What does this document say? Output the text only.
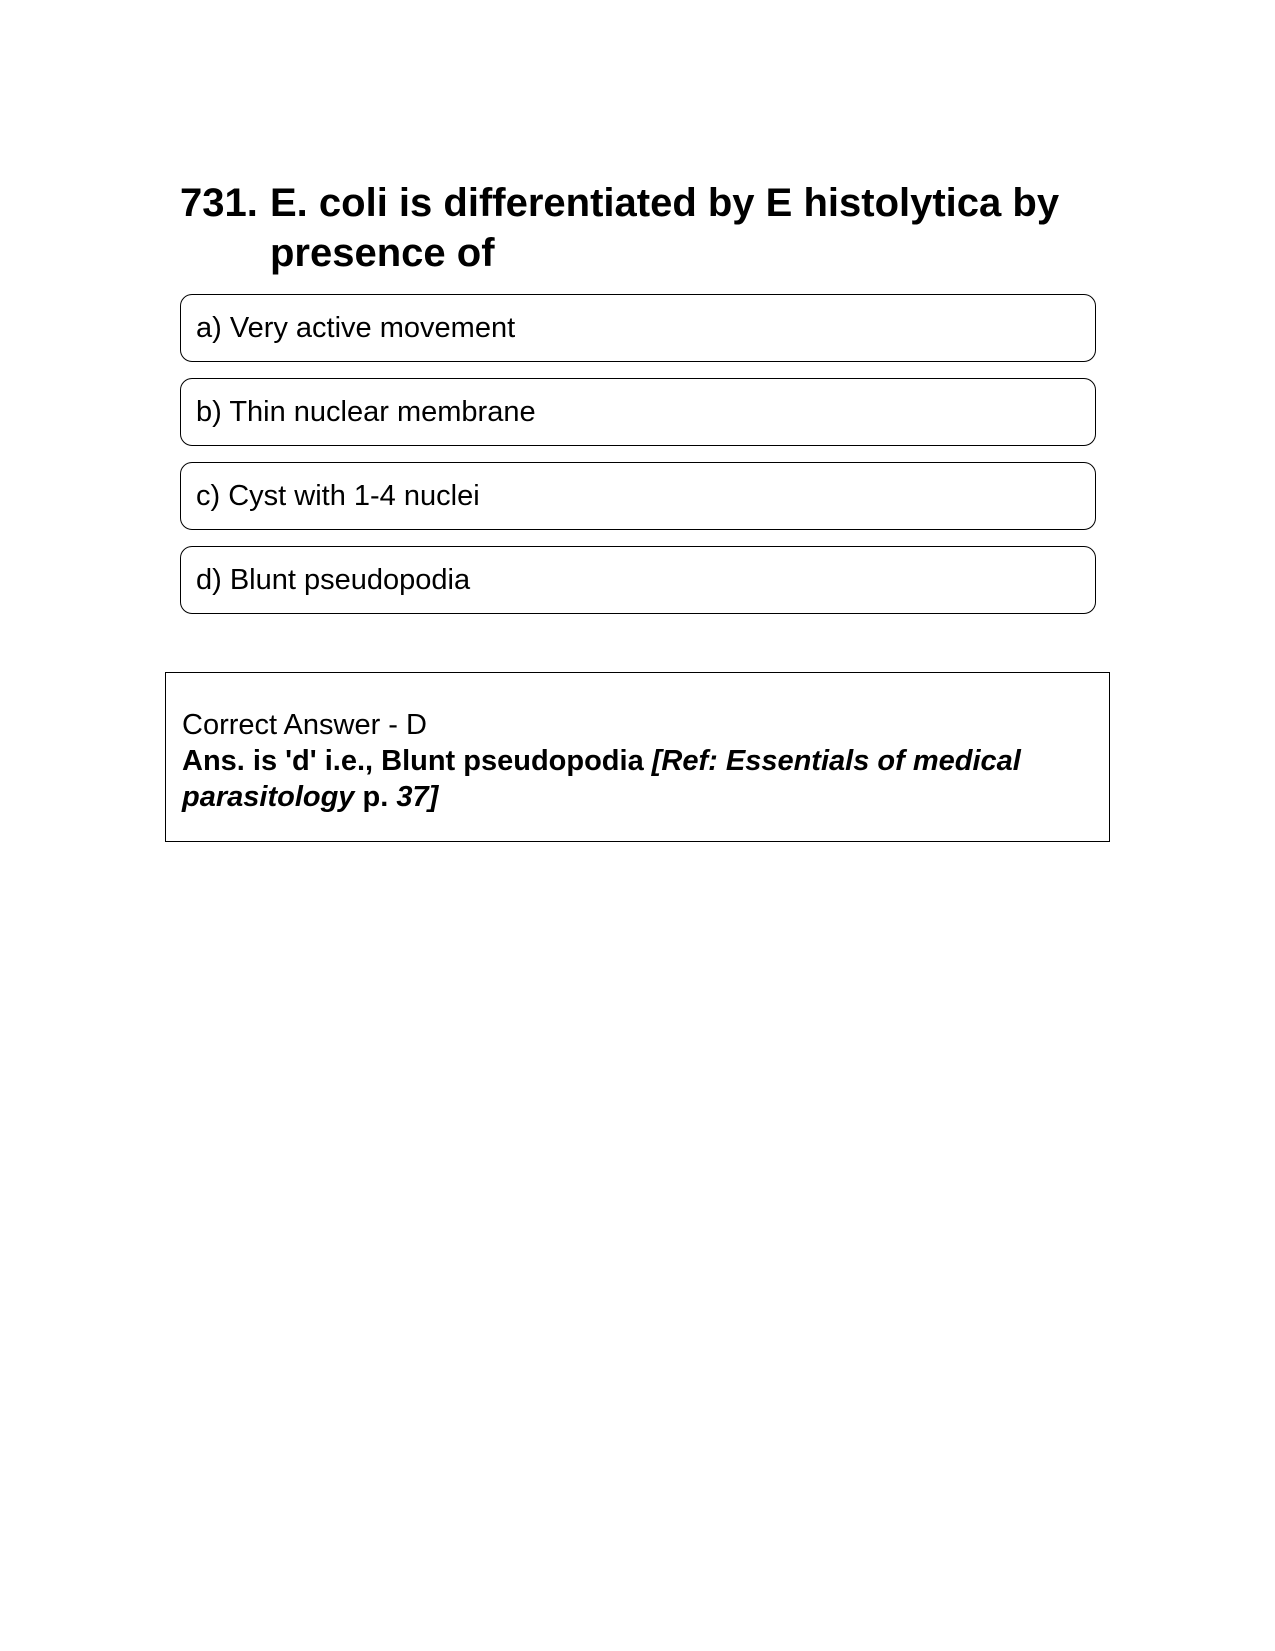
731. E. coli is differentiated by E histolytica by presence of
a) Very active movement
b) Thin nuclear membrane
c) Cyst with 1-4 nuclei
d) Blunt pseudopodia

Correct Answer - D

Ans. is 'd' i.e., Blunt pseudopodia [Ref: Essentials of medical parasitology p. 37]
